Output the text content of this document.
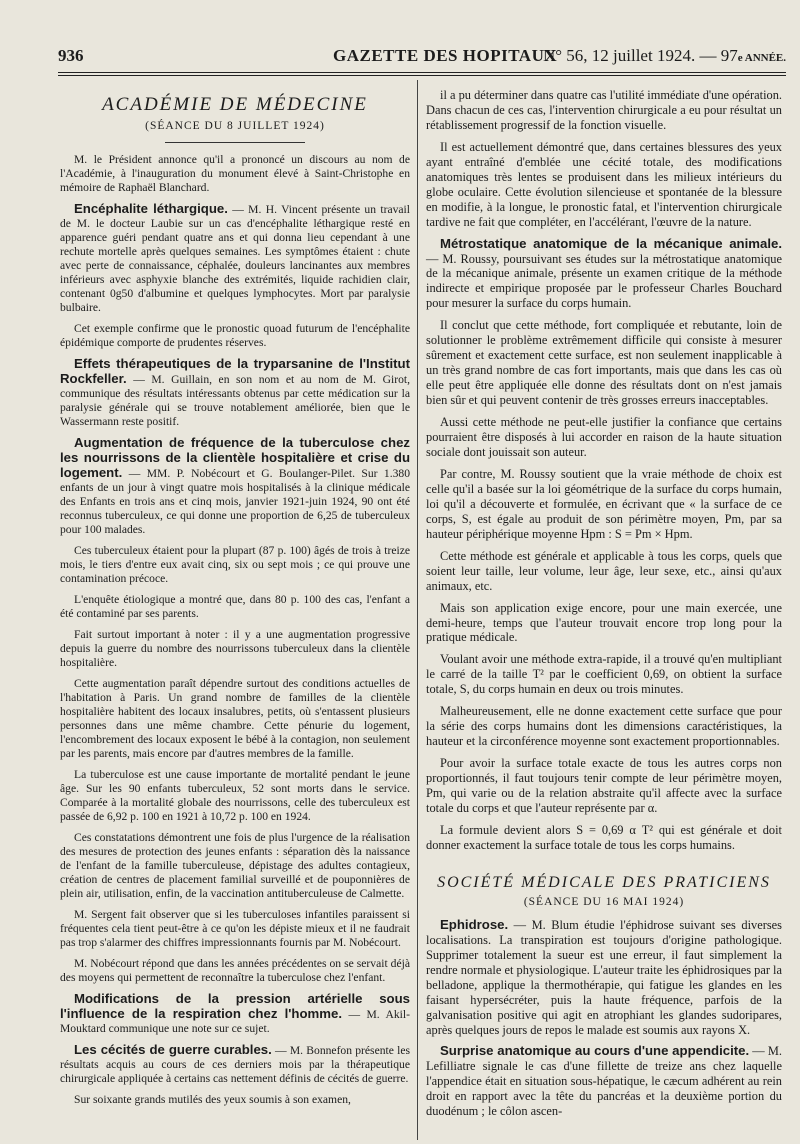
936	GAZETTE DES HOPITAUX
N° 56, 12 juillet 1924. — 97e ANNÉE.
ACADÉMIE DE MÉDECINE
(SÉANCE DU 8 JUILLET 1924)

M. le Président annonce qu'il a prononcé un discours au nom de l'Académie, à l'inauguration du monument élevé à Saint-Christophe en mémoire de Raphaël Blanchard.

Encéphalite léthargique. — M. H. Vincent présente un travail de M. le docteur Laubie sur un cas d'encéphalite léthargique resté en apparence guéri pendant quatre ans et qui donna lieu cependant à une rechute mortelle après quelques semaines. Les symptômes étaient : chute avec perte de connaissance, céphalée, douleurs lancinantes aux membres inférieurs avec asphyxie blanche des extrémités, liquide rachidien clair, contenant 0g50 d'albumine et quelques lymphocytes. Mort par paralysie bulbaire.

Cet exemple confirme que le pronostic quoad futurum de l'encéphalite épidémique comporte de prudentes réserves.

Effets thérapeutiques de la tryparsanine de l'Institut Rockfeller. — M. Guillain, en son nom et au nom de M. Girot, communique des résultats intéressants obtenus par cette médication sur la paralysie générale qui se trouve notablement améliorée, bien que le Wassermann reste positif.

Augmentation de fréquence de la tuberculose chez les nourrissons de la clientèle hospitalière et crise du logement. — MM. P. Nobécourt et G. Boulanger-Pilet. Sur 1.380 enfants de un jour à vingt quatre mois hospitalisés à la clinique médicale des Enfants en trois ans et cinq mois, janvier 1921-juin 1924, 90 ont été reconnus tuberculeux, ce qui donne une proportion de 6,25 de tuberculeux pour 100 malades.

Ces tuberculeux étaient pour la plupart (87 p. 100) âgés de trois à treize mois, le tiers d'entre eux avait cinq, six ou sept mois ; ce qui prouve une contamination précoce.

L'enquête étiologique a montré que, dans 80 p. 100 des cas, l'enfant a été contaminé par ses parents.

Fait surtout important à noter : il y a une augmentation progressive depuis la guerre du nombre des nourrissons tuberculeux dans la clientèle hospitalière.

Cette augmentation paraît dépendre surtout des conditions actuelles de l'habitation à Paris. Un grand nombre de familles de la clientèle hospitalière habitent des locaux insalubres, petits, où s'entassent plusieurs personnes dans une même chambre. Cette pénurie du logement, l'encombrement des locaux exposent le bébé à la contagion, non seulement par les parents, mais encore par d'autres membres de la famille.

La tuberculose est une cause importante de mortalité pendant le jeune âge. Sur les 90 enfants tuberculeux, 52 sont morts dans le service. Comparée à la mortalité globale des nourrissons, celle des tuberculeux est passée de 6,92 p. 100 en 1921 à 10,72 p. 100 en 1924.

Ces constatations démontrent une fois de plus l'urgence de la réalisation des mesures de protection des jeunes enfants : séparation dès la naissance de l'enfant de la famille tuberculeuse, dépistage des adultes contagieux, création de centres de placement familial surveillé et de pouponnières de plein air, utilisation, enfin, de la vaccination antituberculeuse de Calmette.

M. Sergent fait observer que si les tuberculoses infantiles paraissent si fréquentes cela tient peut-être à ce qu'on les dépiste mieux et il ne faudrait pas trop s'alarmer des chiffres impressionnants fournis par M. Nobécourt.

M. Nobécourt répond que dans les années précédentes on se servait déjà des moyens qui permettent de reconnaître la tuberculose chez l'enfant.

Modifications de la pression artérielle sous l'influence de la respiration chez l'homme. — M. Akil-Mouktard communique une note sur ce sujet.

Les cécités de guerre curables. — M. Bonnefon présente les résultats acquis au cours de ces derniers mois par la thérapeutique chirurgicale appliquée à certains cas nettement définis de cécités de guerre.

Sur soixante grands mutilés des yeux soumis à son examen,

il a pu déterminer dans quatre cas l'utilité immédiate d'une opération. Dans chacun de ces cas, l'intervention chirurgicale a eu pour résultat un rétablissement progressif de la fonction visuelle.

Il est actuellement démontré que, dans certaines blessures des yeux ayant entraîné d'emblée une cécité totale, des modifications anatomiques très lentes se produisent dans les milieux intérieurs du globe oculaire. Cette évolution silencieuse et spontanée de la blessure en modifie, à la longue, le pronostic fatal, et l'intervention chirurgicale tardive ne fait que compléter, en l'accélérant, l'œuvre de la nature.

Métrostatique anatomique de la mécanique animale. — M. Roussy, poursuivant ses études sur la métrostatique anatomique de la mécanique animale, présente un examen critique de la méthode indirecte et empirique proposée par le professeur Charles Bouchard pour mesurer la surface du corps humain.

Il conclut que cette méthode, fort compliquée et rebutante, loin de solutionner le problème extrêmement difficile qui consiste à mesurer sûrement et exactement cette surface, est non seulement inapplicable à un très grand nombre de cas fort importants, mais que dans les cas où elle peut être appliquée elle donne des résultats dont on n'est jamais bien sûr et qui peuvent contenir de très grosses erreurs inacceptables.

Aussi cette méthode ne peut-elle justifier la confiance que certains pourraient être disposés à lui accorder en raison de la haute situation sociale dont jouissait son auteur.

Par contre, M. Roussy soutient que la vraie méthode de choix est celle qu'il a basée sur la loi géométrique de la surface du corps humain, loi qu'il a découverte et formulée, en écrivant que « la surface de ce corps, S, est égale au produit de son périmètre moyen, Pm, par sa hauteur périphérique moyenne Hpm : S = Pm × Hpm.

Cette méthode est générale et applicable à tous les corps, quels que soient leur taille, leur volume, leur âge, leur sexe, etc., ainsi qu'aux animaux, etc.

Mais son application exige encore, pour une main exercée, une demi-heure, temps que l'auteur trouvait encore trop long pour la pratique médicale.

Voulant avoir une méthode extra-rapide, il a trouvé qu'en multipliant le carré de la taille T² par le coefficient 0,69, on obtient la surface totale, S, du corps humain en deux ou trois minutes.

Malheureusement, elle ne donne exactement cette surface que pour la série des corps humains dont les dimensions caractéristiques, la hauteur et la circonférence moyenne sont exactement proportionnables.

Pour avoir la surface totale exacte de tous les autres corps non proportionnés, il faut toujours tenir compte de leur périmètre moyen, Pm, qui varie ou de la relation abstraite qu'il affecte avec la surface totale du corps et que l'auteur représente par α.

La formule devient alors S = 0,69 α T² qui est générale et doit donner exactement la surface totale de tous les corps humains.

SOCIÉTÉ MÉDICALE DES PRATICIENS
(SÉANCE DU 16 MAI 1924)

Ephidrose. — M. Blum étudie l'éphidrose suivant ses diverses localisations. La transpiration est toujours d'origine pathologique. Supprimer totalement la sueur est une erreur, il faut simplement la rendre normale et physiologique. L'auteur traite les éphidrosiques par la belladone, applique la thermothérapie, qui fatigue les glandes en les faisant hypersécréter, puis la haute fréquence, parfois de la galvanisation positive qui agit en atrophiant les glandes sudoripares, après quelques jours de repos le malade est soumis aux rayons X.

Surprise anatomique au cours d'une appendicite. — M. Lefilliatre signale le cas d'une fillette de treize ans chez laquelle l'appendice était en situation sous-hépatique, le cæcum adhérent au rein droit en rapport avec la tête du pancréas et la deuxième portion du duodénum ; le côlon ascen-
